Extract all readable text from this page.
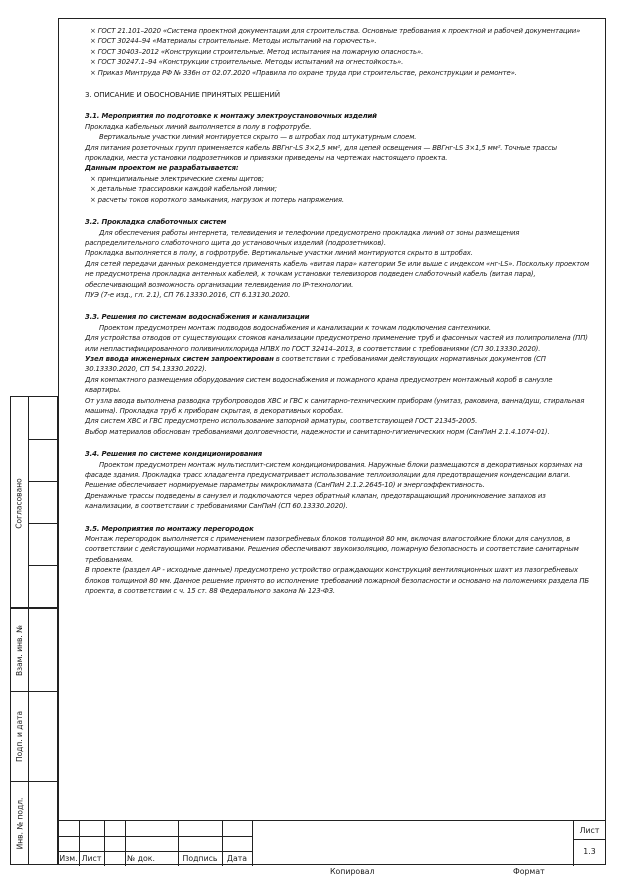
Согласовано
Взам. инв. №
Подп. и дата
Инв. № подл.

× ГОСТ 21.101–2020 «Система проектной документации для строительства. Основные требования к проектной и рабочей документации»

× ГОСТ 30244–94 «Материалы строительные. Методы испытаний на горючесть».

× ГОСТ 30403–2012 «Конструкции строительные. Метод испытания на пожарную опасность».

× ГОСТ 30247.1–94 «Конструкции строительные. Методы испытаний на огнестойкость».

× Приказ Минтруда РФ № 336н от 02.07.2020 «Правила по охране труда при строительстве, реконструкции и ремонте».

3. ОПИСАНИЕ И ОБОСНОВАНИЕ ПРИНЯТЫХ РЕШЕНИЙ

3.1. Мероприятия по подготовке к монтажу электроустановочных изделий

Прокладка кабельных линий выполняется в полу в гофротрубе.

Вертикальные участки линий монтируется скрыто — в штробах под штукатурным слоем.

Для питания розеточных групп применяется кабель ВВГнг-LS 3×2,5 мм², для цепей освещения — ВВГнг-LS 3×1,5 мм². Точные трассы прокладки, места установки подрозетников и привязки приведены на чертежах настоящего проекта.

Данным проектом не разрабатывается:

× принципиальные электрические схемы щитов;

× детальные трассировки каждой кабельной линии;

× расчеты токов короткого замыкания, нагрузок и потерь напряжения.

3.2. Прокладка слаботочных систем

Для обеспечения работы интернета, телевидения и телефонии предусмотрено прокладка линий от зоны размещения распределительного слаботочного щита до установочных изделий (подрозетников).

Прокладка выполняется в полу, в гофротрубе. Вертикальные участки линий монтируются скрыто в штробах.

Для сетей передачи данных рекомендуется применять кабель «витая пара» категории 5е или выше с индексом «нг-LS». Поскольку проектом не предусмотрена прокладка антенных кабелей, к точкам установки телевизоров подведен слаботочный кабель (витая пара), обеспечивающий возможность организации телевидения по IP-технологии.

ПУЭ (7-е изд., гл. 2.1), СП 76.13330.2016, СП 6.13130.2020.

3.3. Решения по системам водоснабжения и канализации

Проектом предусмотрен монтаж подводов водоснабжения и канализации к точкам подключения сантехники.

Для устройства отводов от существующих стояков канализации предусмотрено применение труб и фасонных частей из полипропилена (ПП) или непластифицированного поливинилхлорида НПВХ по ГОСТ 32414–2013, в соответствии с требованиями (СП 30.13330.2020).

Узел ввода инженерных систем запроектирован в соответствии с требованиями действующих нормативных документов (СП 30.13330.2020, СП 54.13330.2022).

Для компактного размещения оборудования систем водоснабжения и пожарного крана предусмотрен монтажный короб в санузле квартиры.

От узла ввода выполнена разводка трубопроводов ХВС и ГВС к санитарно-техническим приборам (унитаз, раковина, ванна/душ, стиральная машина). Прокладка труб к приборам скрытая, в декоративных коробах.

Для систем ХВС и ГВС предусмотрено использование запорной арматуры, соответствующей ГОСТ 21345-2005.

Выбор материалов обоснован требованиями долговечности, надежности и санитарно-гигиенических норм (СанПиН 2.1.4.1074-01).

3.4. Решения по системе кондиционирования

Проектом предусмотрен монтаж мультисплит-систем кондиционирования. Наружные блоки размещаются в декоративных корзинах на фасаде здания. Прокладка трасс хладагента предусматривает использование теплоизоляции для предотвращения конденсации влаги. Решение обеспечивает нормируемые параметры микроклимата (СанПиН 2.1.2.2645-10) и энергоэффективность.

Дренажные трассы подведены в санузел и подключаются через обратный клапан, предотвращающий проникновение запахов из канализации, в соответствии с требованиями СанПиН (СП 60.13330.2020).

3.5. Мероприятия по монтажу перегородок

Монтаж перегородок выполняется с применением пазогребневых блоков толщиной 80 мм, включая влагостойкие блоки для санузлов, в соответствии с действующими нормативами. Решения обеспечивают звукоизоляцию, пожарную безопасность и соответствие санитарным требованиям.

В проекте (раздел АР - исходные данные) предусмотрено устройство ограждающих конструкций вентиляционных шахт из пазогребневых блоков толщиной 80 мм. Данное решение принято во исполнение требований пожарной безопасности и основано на положениях раздела ПБ проекта, в соответствии с ч. 15 ст. 88 Федерального закона № 123-ФЗ.

Изм. Лист	№ док.	Подпись	Дата
Лист
1.3
Копировал	Формат
